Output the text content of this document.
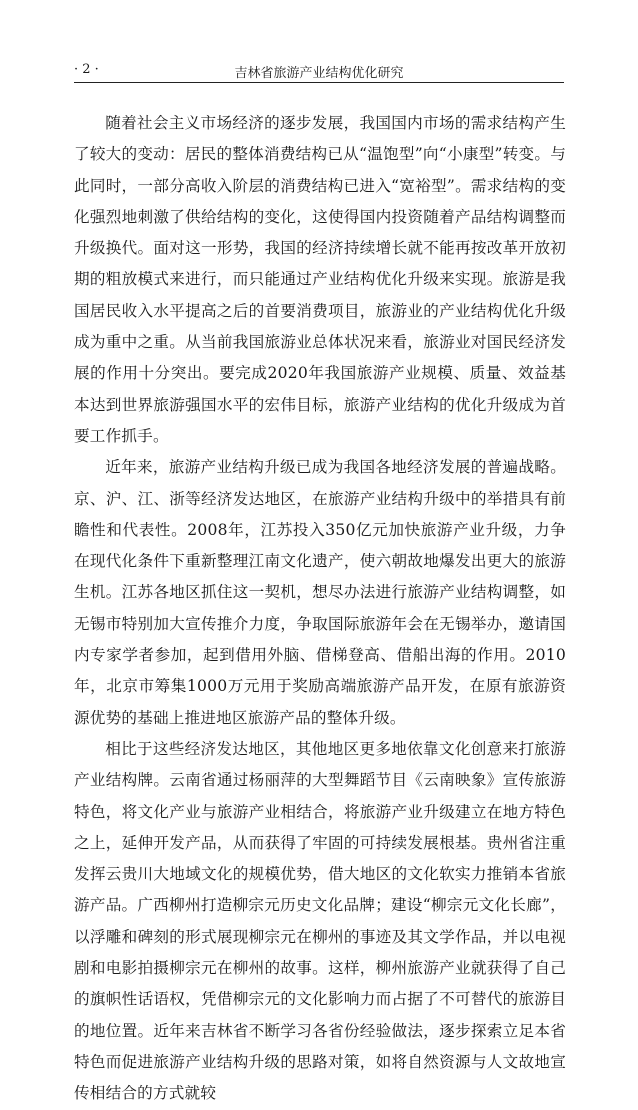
· 2 ·	吉林省旅游产业结构优化研究

随着社会主义市场经济的逐步发展，我国国内市场的需求结构产生了较大的变动：居民的整体消费结构已从“温饱型”向“小康型”转变。与此同时，一部分高收入阶层的消费结构已进入“宽裕型”。需求结构的变化强烈地刺激了供给结构的变化，这使得国内投资随着产品结构调整而升级换代。面对这一形势，我国的经济持续增长就不能再按改革开放初期的粗放模式来进行，而只能通过产业结构优化升级来实现。旅游是我国居民收入水平提高之后的首要消费项目，旅游业的产业结构优化升级成为重中之重。从当前我国旅游业总体状况来看，旅游业对国民经济发展的作用十分突出。要完成2020年我国旅游产业规模、质量、效益基本达到世界旅游强国水平的宏伟目标，旅游产业结构的优化升级成为首要工作抓手。

近年来，旅游产业结构升级已成为我国各地经济发展的普遍战略。京、沪、江、浙等经济发达地区，在旅游产业结构升级中的举措具有前瞻性和代表性。2008年，江苏投入350亿元加快旅游产业升级，力争在现代化条件下重新整理江南文化遗产，使六朝故地爆发出更大的旅游生机。江苏各地区抓住这一契机，想尽办法进行旅游产业结构调整，如无锡市特别加大宣传推介力度，争取国际旅游年会在无锡举办，邀请国内专家学者参加，起到借用外脑、借梯登高、借船出海的作用。2010年，北京市筹集1000万元用于奖励高端旅游产品开发，在原有旅游资源优势的基础上推进地区旅游产品的整体升级。

相比于这些经济发达地区，其他地区更多地依靠文化创意来打旅游产业结构牌。云南省通过杨丽萍的大型舞蹈节目《云南映象》宣传旅游特色，将文化产业与旅游产业相结合，将旅游产业升级建立在地方特色之上，延伸开发产品，从而获得了牢固的可持续发展根基。贵州省注重发挥云贵川大地域文化的规模优势，借大地区的文化软实力推销本省旅游产品。广西柳州打造柳宗元历史文化品牌；建设“柳宗元文化长廊”，以浮雕和碑刻的形式展现柳宗元在柳州的事迹及其文学作品，并以电视剧和电影拍摄柳宗元在柳州的故事。这样，柳州旅游产业就获得了自己的旗帜性话语权，凭借柳宗元的文化影响力而占据了不可替代的旅游目的地位置。近年来吉林省不断学习各省份经验做法，逐步探索立足本省特色而促进旅游产业结构升级的思路对策，如将自然资源与人文故地宣传相结合的方式就较
